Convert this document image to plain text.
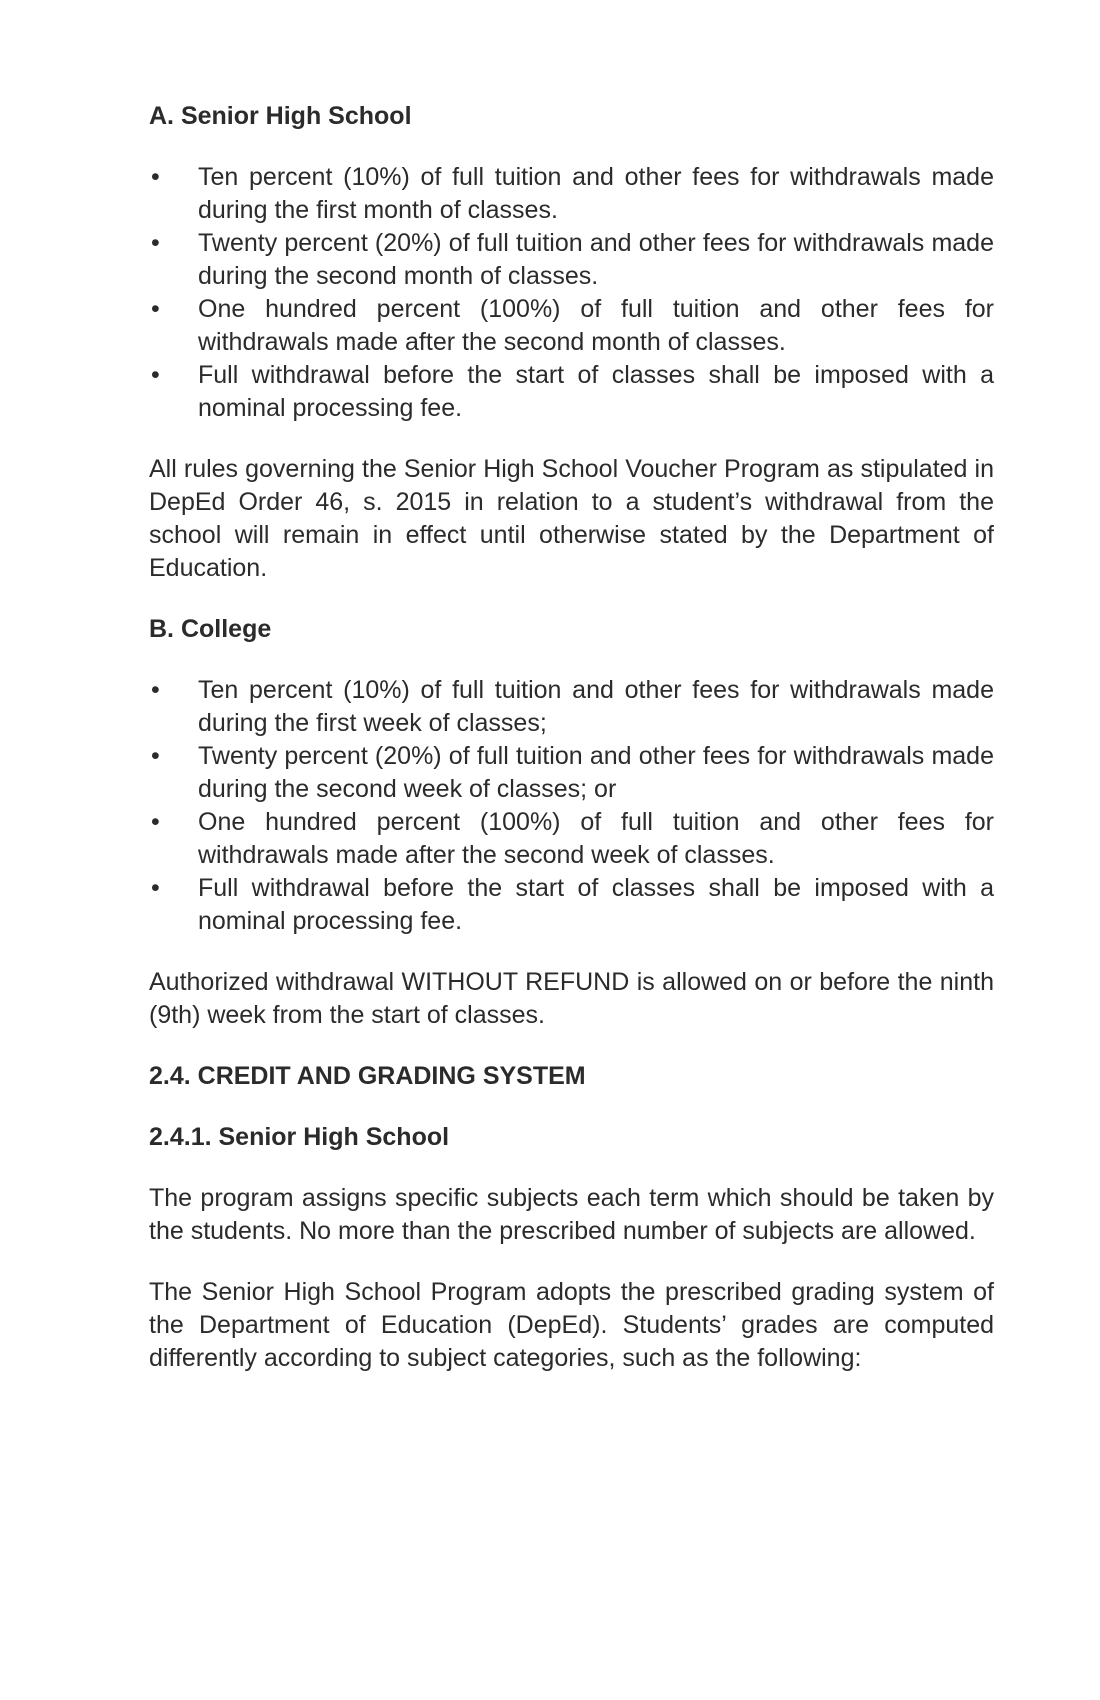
A. Senior High School
• Ten percent (10%) of full tuition and other fees for withdrawals made during the first month of classes.
• Twenty percent (20%) of full tuition and other fees for withdrawals made during the second month of classes.
• One hundred percent (100%) of full tuition and other fees for withdrawals made after the second month of classes.
• Full withdrawal before the start of classes shall be imposed with a nominal processing fee.

All rules governing the Senior High School Voucher Program as stipulated in DepEd Order 46, s. 2015 in relation to a student’s withdrawal from the school will remain in effect until otherwise stated by the Department of Education.

B. College
• Ten percent (10%) of full tuition and other fees for withdrawals made during the first week of classes;
• Twenty percent (20%) of full tuition and other fees for withdrawals made during the second week of classes; or
• One hundred percent (100%) of full tuition and other fees for withdrawals made after the second week of classes.
• Full withdrawal before the start of classes shall be imposed with a nominal processing fee.

Authorized withdrawal WITHOUT REFUND is allowed on or before the ninth (9th) week from the start of classes.

2.4. CREDIT AND GRADING SYSTEM
2.4.1. Senior High School

The program assigns specific subjects each term which should be taken by the students. No more than the prescribed number of subjects are allowed.

The Senior High School Program adopts the prescribed grading system of the Department of Education (DepEd). Students’ grades are computed differently according to subject categories, such as the following:
